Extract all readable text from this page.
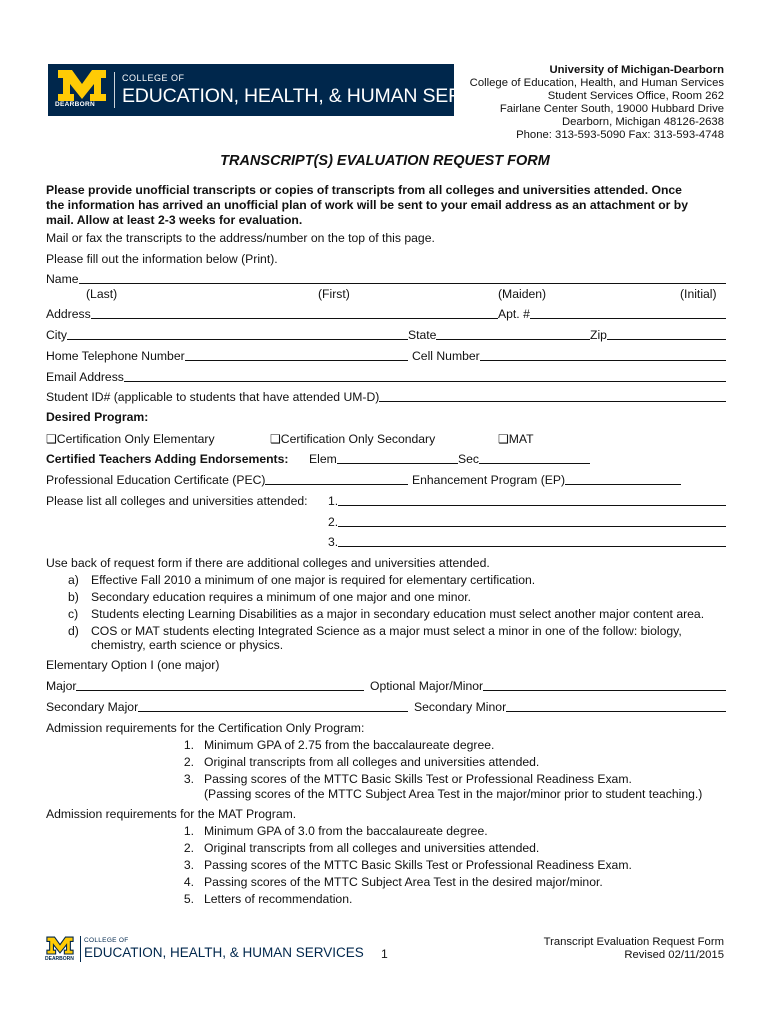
DEARBORN
COLLEGE OF
EDUCATION, HEALTH, & HUMAN SERVICES
University of Michigan-Dearborn
College of Education, Health, and Human Services
Student Services Office, Room 262
Fairlane Center South, 19000 Hubbard Drive
Dearborn, Michigan 48126-2638
Phone: 313-593-5090 Fax: 313-593-4748
TRANSCRIPT(S) EVALUATION REQUEST FORM
Please provide unofficial transcripts or copies of transcripts from all colleges and universities attended. Once
the information has arrived an unofficial plan of work will be sent to your email address as an attachment or by
mail. Allow at least 2-3 weeks for evaluation.
Mail or fax the transcripts to the address/number on the top of this page.
Please fill out the information below (Print).
Name
(Last)	(First)	(Maiden)	(Initial)
Address	Apt. #
City	State	Zip
Home Telephone Number	Cell Number
Email Address
Student ID# (applicable to students that have attended UM-D)
Desired Program:
❑Certification Only Elementary	❑Certification Only Secondary	❑MAT
Certified Teachers Adding Endorsements: Elem	Sec
Professional Education Certificate (PEC)	Enhancement Program (EP)
Please list all colleges and universities attended: 1.
2.
3.
Use back of request form if there are additional colleges and universities attended.
a) Effective Fall 2010 a minimum of one major is required for elementary certification.
b) Secondary education requires a minimum of one major and one minor.
c) Students electing Learning Disabilities as a major in secondary education must select another major content area.
d) COS or MAT students electing Integrated Science as a major must select a minor in one of the follow: biology,
chemistry, earth science or physics.
Elementary Option I (one major)
Major	Optional Major/Minor
Secondary Major	Secondary Minor
Admission requirements for the Certification Only Program:
1. Minimum GPA of 2.75 from the baccalaureate degree.
2. Original transcripts from all colleges and universities attended.
3. Passing scores of the MTTC Basic Skills Test or Professional Readiness Exam.
(Passing scores of the MTTC Subject Area Test in the major/minor prior to student teaching.)
Admission requirements for the MAT Program.
1. Minimum GPA of 3.0 from the baccalaureate degree.
2. Original transcripts from all colleges and universities attended.
3. Passing scores of the MTTC Basic Skills Test or Professional Readiness Exam.
4. Passing scores of the MTTC Subject Area Test in the desired major/minor.
5. Letters of recommendation.
DEARBORN
COLLEGE OF
EDUCATION, HEALTH, & HUMAN SERVICES 1
Transcript Evaluation Request Form
Revised 02/11/2015
